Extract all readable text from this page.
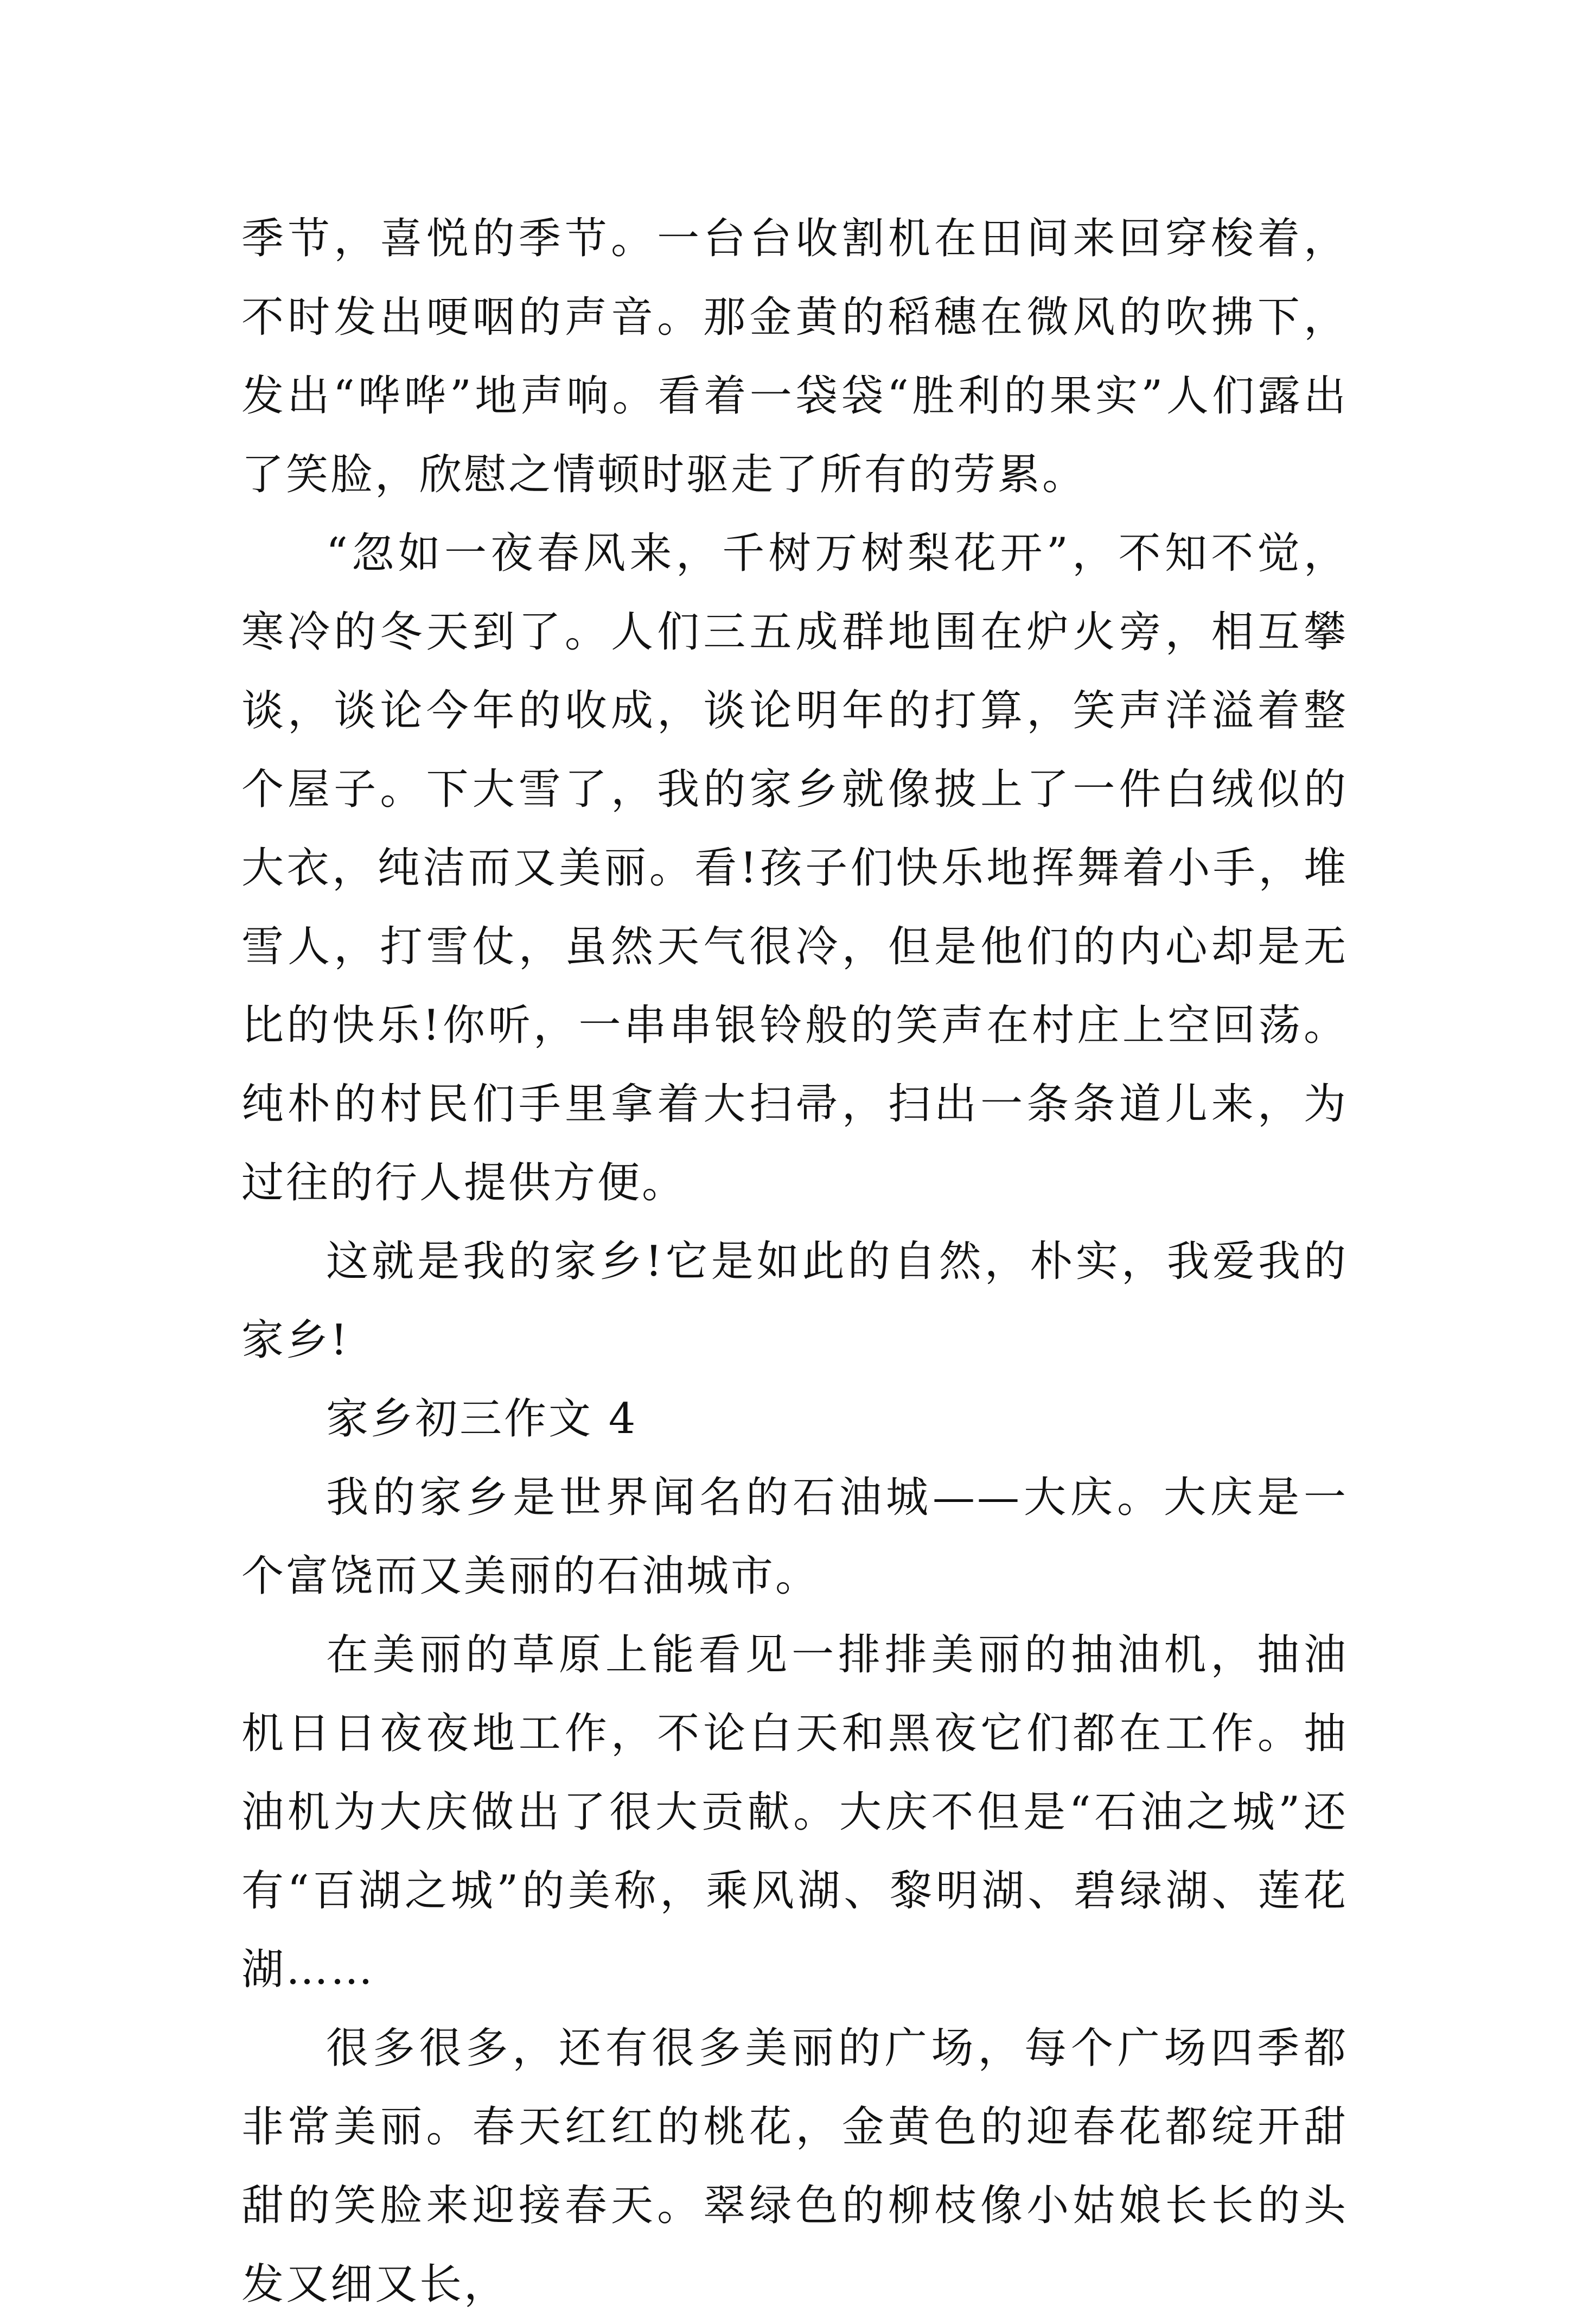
季节，喜悦的季节。一台台收割机在田间来回穿梭着，不时发出哽咽的声音。那金黄的稻穗在微风的吹拂下，发出“哗哗”地声响。看着一袋袋“胜利的果实”人们露出了笑脸，欣慰之情顿时驱走了所有的劳累。

“忽如一夜春风来，千树万树梨花开”，不知不觉，寒冷的冬天到了。人们三五成群地围在炉火旁，相互攀谈，谈论今年的收成，谈论明年的打算，笑声洋溢着整个屋子。下大雪了，我的家乡就像披上了一件白绒似的大衣，纯洁而又美丽。看!孩子们快乐地挥舞着小手，堆雪人，打雪仗，虽然天气很冷，但是他们的内心却是无比的快乐!你听，一串串银铃般的笑声在村庄上空回荡。纯朴的村民们手里拿着大扫帚，扫出一条条道儿来，为过往的行人提供方便。

这就是我的家乡!它是如此的自然，朴实，我爱我的家乡!

家乡初三作文 4

我的家乡是世界闻名的石油城——大庆。大庆是一个富饶而又美丽的石油城市。

在美丽的草原上能看见一排排美丽的抽油机，抽油机日日夜夜地工作，不论白天和黑夜它们都在工作。抽油机为大庆做出了很大贡献。大庆不但是“石油之城”还有“百湖之城”的美称，乘风湖、黎明湖、碧绿湖、莲花湖……

很多很多，还有很多美丽的广场，每个广场四季都非常美丽。春天红红的桃花，金黄色的迎春花都绽开甜甜的笑脸来迎接春天。翠绿色的柳枝像小姑娘长长的头发又细又长，
